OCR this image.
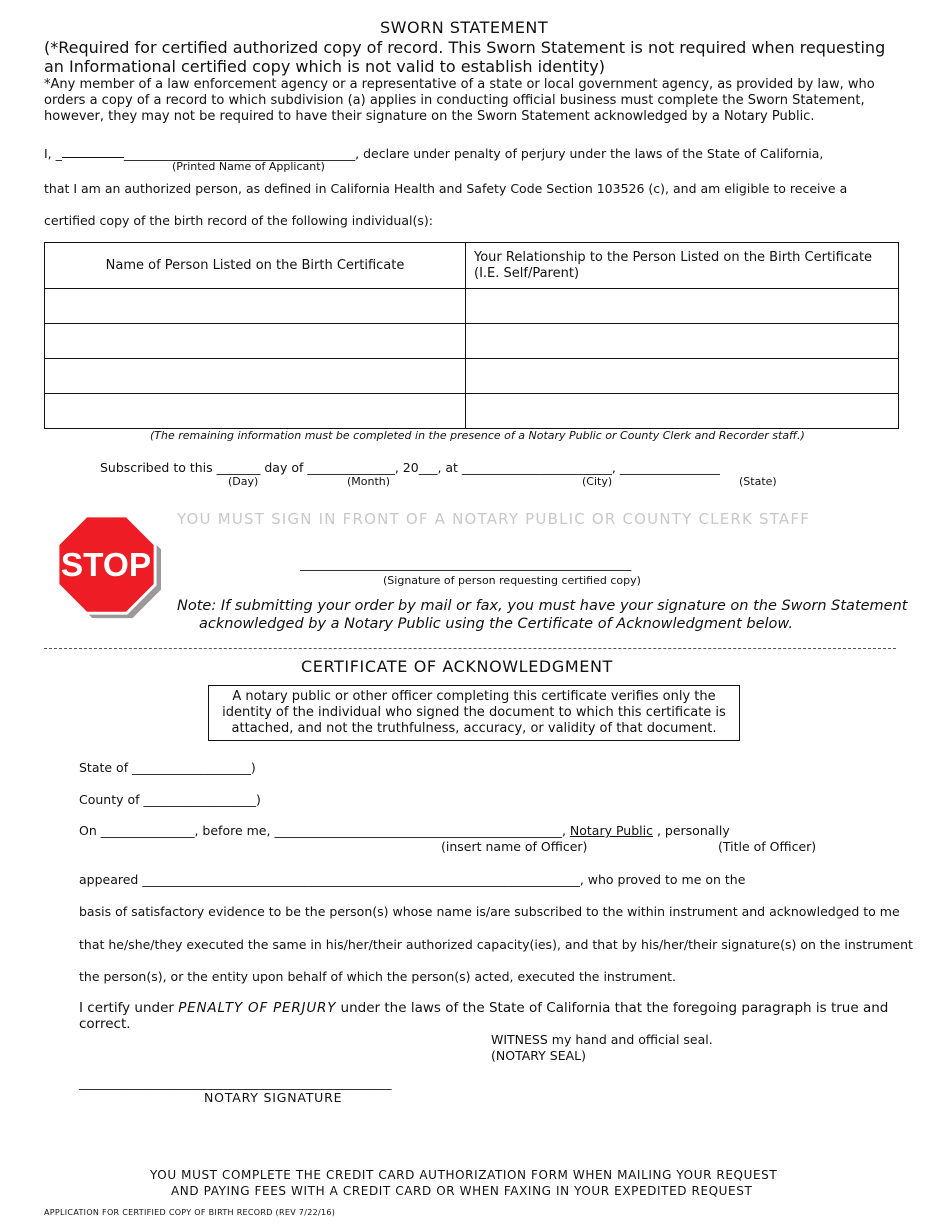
SWORN STATEMENT
(*Required for certified authorized copy of record. This Sworn Statement is not required when requesting
an Informational certified copy which is not valid to establish identity)
*Any member of a law enforcement agency or a representative of a state or local government agency, as provided by law, who
orders a copy of a record to which subdivision (a) applies in conducting official business must complete the Sworn Statement,
however, they may not be required to have their signature on the Sworn Statement acknowledged by a Notary Public.
I, _	_____________________________________, declare under penalty of perjury under the laws of the State of California,
(Printed Name of Applicant)
that I am an authorized person, as defined in California Health and Safety Code Section 103526 (c), and am eligible to receive a
certified copy of the birth record of the following individual(s):
Name of Person Listed on the Birth Certificate	Your Relationship to the Person Listed on the Birth Certificate
(I.E. Self/Parent)

(The remaining information must be completed in the presence of a Notary Public or County Clerk and Recorder staff.)
Subscribed to this _______ day of ______________, 20___, at ________________________, ________________
(Day)	(Month)	(City)	(State)
STOP
YOU MUST SIGN IN FRONT OF A NOTARY PUBLIC OR COUNTY CLERK STAFF
_____________________________________________________
(Signature of person requesting certified copy)
Note: If submitting your order by mail or fax, you must have your signature on the Sworn Statement
acknowledged by a Notary Public using the Certificate of Acknowledgment below.
CERTIFICATE OF ACKNOWLEDGMENT
A notary public or other officer completing this certificate verifies only the
identity of the individual who signed the document to which this certificate is
attached, and not the truthfulness, accuracy, or validity of that document.
State of ___________________)
County of __________________)
On _______________, before me, ______________________________________________, Notary Public , personally
(insert name of Officer)	(Title of Officer)
appeared ______________________________________________________________________, who proved to me on the
basis of satisfactory evidence to be the person(s) whose name is/are subscribed to the within instrument and acknowledged to me
that he/she/they executed the same in his/her/their authorized capacity(ies), and that by his/her/their signature(s) on the instrument
the person(s), or the entity upon behalf of which the person(s) acted, executed the instrument.
I certify under PENALTY OF PERJURY under the laws of the State of California that the foregoing paragraph is true and
correct.
WITNESS my hand and official seal.
(NOTARY SEAL)
__________________________________________________
NOTARY SIGNATURE
YOU MUST COMPLETE THE CREDIT CARD AUTHORIZATION FORM WHEN MAILING YOUR REQUEST
AND PAYING FEES WITH A CREDIT CARD OR WHEN FAXING IN YOUR EXPEDITED REQUEST
APPLICATION FOR CERTIFIED COPY OF BIRTH RECORD (REV 7/22/16)
